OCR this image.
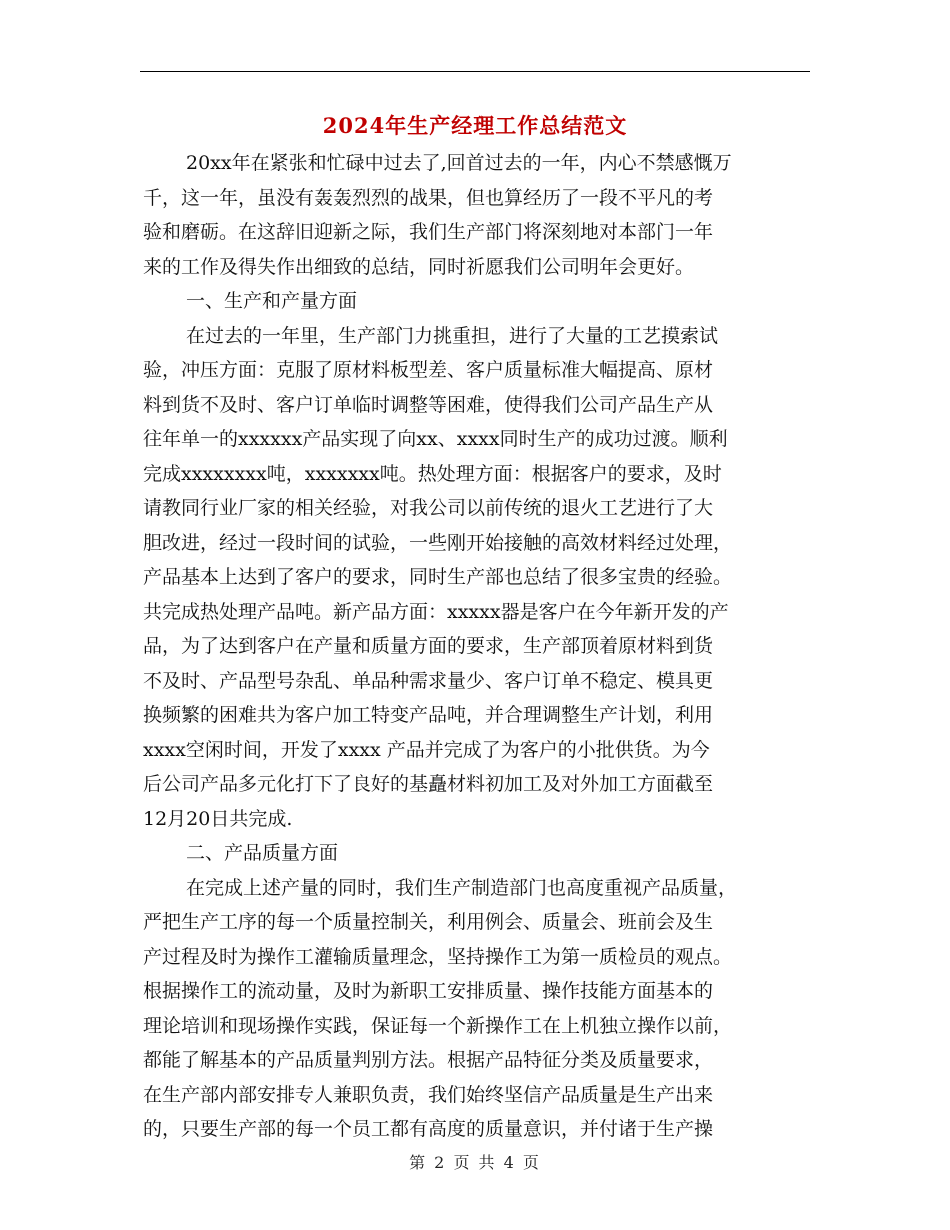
2024年生产经理工作总结范文
20xx年在紧张和忙碌中过去了,回首过去的一年，内心不禁感慨万
千，这一年，虽没有轰轰烈烈的战果，但也算经历了一段不平凡的考
验和磨砺。在这辞旧迎新之际，我们生产部门将深刻地对本部门一年
来的工作及得失作出细致的总结，同时祈愿我们公司明年会更好。
一、生产和产量方面
在过去的一年里，生产部门力挑重担，进行了大量的工艺摸索试
验，冲压方面：克服了原材料板型差、客户质量标准大幅提高、原材
料到货不及时、客户订单临时调整等困难，使得我们公司产品生产从
往年单一的xxxxxx产品实现了向xx、xxxx同时生产的成功过渡。顺利
完成xxxxxxxx吨，xxxxxxx吨。热处理方面：根据客户的要求，及时
请教同行业厂家的相关经验，对我公司以前传统的退火工艺进行了大
胆改进，经过一段时间的试验，一些刚开始接触的高效材料经过处理，
产品基本上达到了客户的要求，同时生产部也总结了很多宝贵的经验。
共完成热处理产品吨。新产品方面：xxxxx器是客户在今年新开发的产
品，为了达到客户在产量和质量方面的要求，生产部顶着原材料到货
不及时、产品型号杂乱、单品种需求量少、客户订单不稳定、模具更
换频繁的困难共为客户加工特变产品吨，并合理调整生产计划，利用
xxxx空闲时间，开发了xxxx 产品并完成了为客户的小批供货。为今
后公司产品多元化打下了良好的基矗材料初加工及对外加工方面截至
12月20日共完成.
二、产品质量方面
在完成上述产量的同时，我们生产制造部门也高度重视产品质量，
严把生产工序的每一个质量控制关，利用例会、质量会、班前会及生
产过程及时为操作工灌输质量理念，坚持操作工为第一质检员的观点。
根据操作工的流动量，及时为新职工安排质量、操作技能方面基本的
理论培训和现场操作实践，保证每一个新操作工在上机独立操作以前，
都能了解基本的产品质量判别方法。根据产品特征分类及质量要求，
在生产部内部安排专人兼职负责，我们始终坚信产品质量是生产出来
的，只要生产部的每一个员工都有高度的质量意识，并付诸于生产操
第 2 页 共 4 页
